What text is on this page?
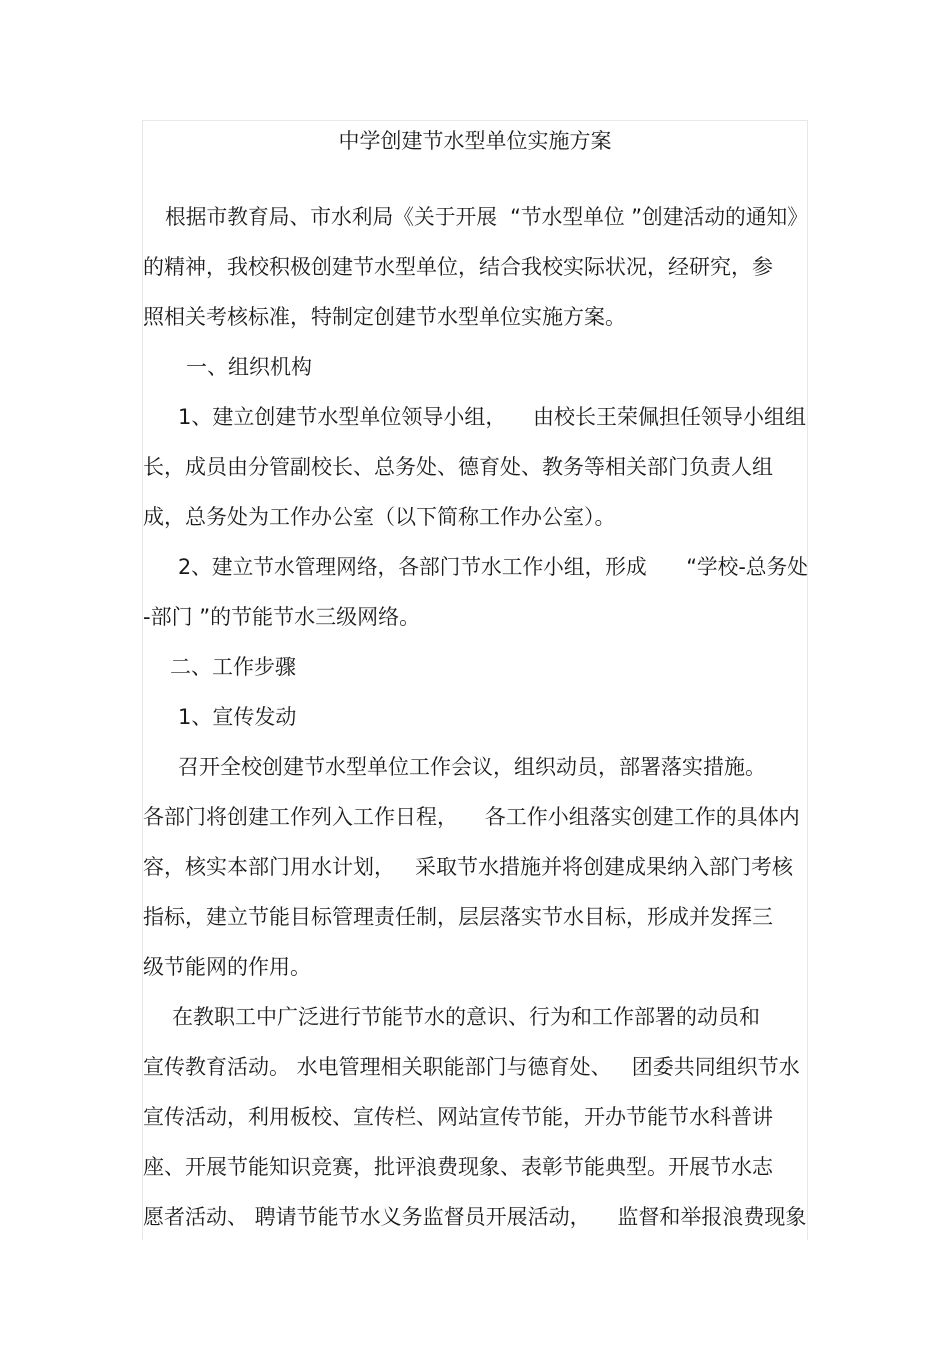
中学创建节水型单位实施方案
根据市教育局、市水利局《关于开展  “节水型单位 ”创建活动的通知》
的精神，我校积极创建节水型单位，结合我校实际状况，经研究，参
照相关考核标准，特制定创建节水型单位实施方案。
一、组织机构
1、建立创建节水型单位领导小组，    由校长王荣佩担任领导小组组
长，成员由分管副校长、总务处、德育处、教务等相关部门负责人组
成，总务处为工作办公室（以下简称工作办公室）。
2、建立节水管理网络，各部门节水工作小组，形成      “学校-总务处
-部门 ”的节能节水三级网络。
二、工作步骤
1、宣传发动
召开全校创建节水型单位工作会议，组织动员，部署落实措施。
各部门将创建工作列入工作日程，    各工作小组落实创建工作的具体内
容，核实本部门用水计划，   采取节水措施并将创建成果纳入部门考核
指标，建立节能目标管理责任制，层层落实节水目标，形成并发挥三
级节能网的作用。
在教职工中广泛进行节能节水的意识、行为和工作部署的动员和
宣传教育活动。 水电管理相关职能部门与德育处、   团委共同组织节水
宣传活动，利用板校、宣传栏、网站宣传节能，开办节能节水科普讲
座、开展节能知识竞赛，批评浪费现象、表彰节能典型。开展节水志
愿者活动、 聘请节能节水义务监督员开展活动，    监督和举报浪费现象
